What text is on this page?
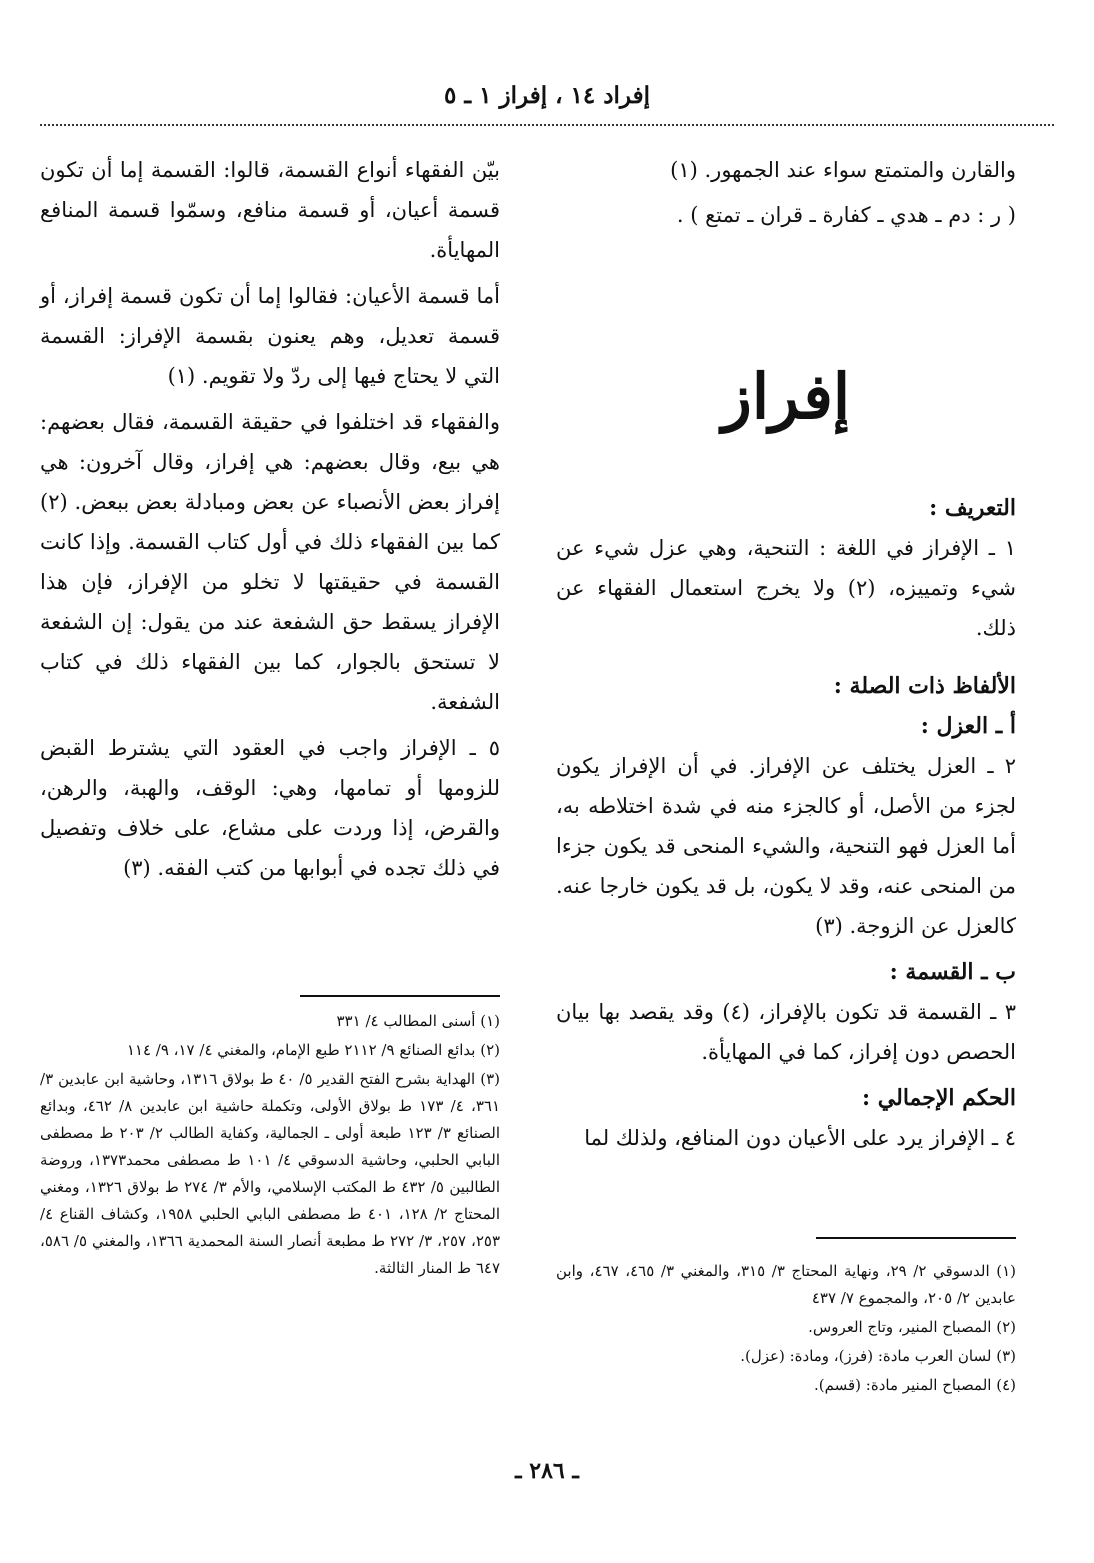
إفراد ١٤ ، إفراز ١ ـ ٥

والقارن والمتمتع سواء عند الجمهور. (١)

( ر : دم ـ هدي ـ كفارة ـ قران ـ تمتع ) .

إفراز
التعريف :

١ ـ الإفراز في اللغة : التنحية، وهي عزل شيء عن شيء وتمييزه، (٢) ولا يخرج استعمال الفقهاء عن ذلك.

الألفاظ ذات الصلة :
أ ـ العزل :

٢ ـ العزل يختلف عن الإفراز. في أن الإفراز يكون لجزء من الأصل، أو كالجزء منه في شدة اختلاطه به، أما العزل فهو التنحية، والشيء المنحى قد يكون جزءا من المنحى عنه، وقد لا يكون، بل قد يكون خارجا عنه. كالعزل عن الزوجة. (٣)

ب ـ القسمة :

٣ ـ القسمة قد تكون بالإفراز، (٤) وقد يقصد بها بيان الحصص دون إفراز، كما في المهايأة.

الحكم الإجمالي :

٤ ـ الإفراز يرد على الأعيان دون المنافع، ولذلك لما

بيّن الفقهاء أنواع القسمة، قالوا: القسمة إما أن تكون قسمة أعيان، أو قسمة منافع، وسمّوا قسمة المنافع المهايأة.

أما قسمة الأعيان: فقالوا إما أن تكون قسمة إفراز، أو قسمة تعديل، وهم يعنون بقسمة الإفراز: القسمة التي لا يحتاج فيها إلى ردّ ولا تقويم. (١)

والفقهاء قد اختلفوا في حقيقة القسمة، فقال بعضهم: هي بيع، وقال بعضهم: هي إفراز، وقال آخرون: هي إفراز بعض الأنصباء عن بعض ومبادلة بعض ببعض. (٢) كما بين الفقهاء ذلك في أول كتاب القسمة. وإذا كانت القسمة في حقيقتها لا تخلو من الإفراز، فإن هذا الإفراز يسقط حق الشفعة عند من يقول: إن الشفعة لا تستحق بالجوار، كما بين الفقهاء ذلك في كتاب الشفعة.

٥ ـ الإفراز واجب في العقود التي يشترط القبض للزومها أو تمامها، وهي: الوقف، والهبة، والرهن، والقرض، إذا وردت على مشاع، على خلاف وتفصيل في ذلك تجده في أبوابها من كتب الفقه. (٣)

(١) أسنى المطالب ٤/ ٣٣١
(٢) بدائع الصنائع ٩/ ٢١١٢ طبع الإمام، والمغني ٤/ ١٧، ٩/ ١١٤
(٣) الهداية بشرح الفتح القدير ٥/ ٤٠ ط بولاق ١٣١٦، وحاشية ابن عابدين ٣/ ٣٦١، ٤/ ١٧٣ ط بولاق الأولى، وتكملة حاشية ابن عابدين ٨/ ٤٦٢، وبدائع الصنائع ٣/ ١٢٣ طبعة أولى ـ الجمالية، وكفاية الطالب ٢/ ٢٠٣ ط مصطفى البابي الحلبي، وحاشية الدسوقي ٤/ ١٠١ ط مصطفى محمد١٣٧٣، وروضة الطالبين ٥/ ٤٣٢ ط المكتب الإسلامي، والأم ٣/ ٢٧٤ ط بولاق ١٣٢٦، ومغني المحتاج ٢/ ١٢٨، ٤٠١ ط مصطفى البابي الحلبي ١٩٥٨، وكشاف القناع ٤/ ٢٥٣، ٢٥٧، ٣/ ٢٧٢ ط مطبعة أنصار السنة المحمدية ١٣٦٦، والمغني ٥/ ٥٨٦، ٦٤٧ ط المنار الثالثة.	(١) الدسوقي ٢/ ٢٩، ونهاية المحتاج ٣/ ٣١٥، والمغني ٣/ ٤٦٥، ٤٦٧، وابن عابدين ٢/ ٢٠٥، والمجموع ٧/ ٤٣٧
(٢) المصباح المنير، وتاج العروس.
(٣) لسان العرب مادة: (فرز)، ومادة: (عزل).
(٤) المصباح المنير مادة: (قسم).
ـ ٢٨٦ ـ
